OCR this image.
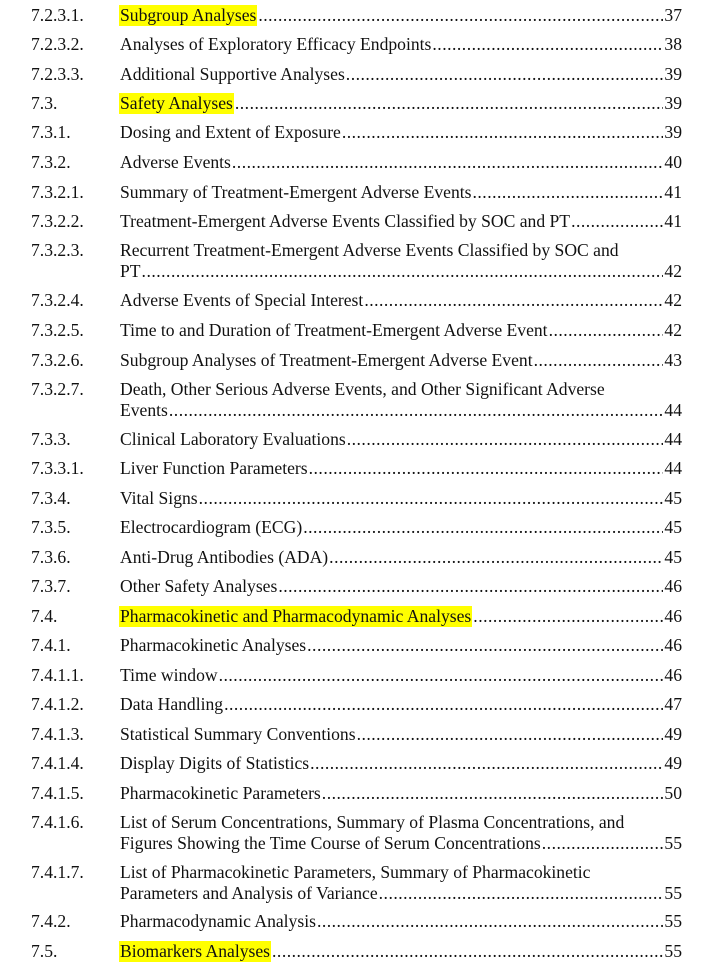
7.2.3.1. Subgroup Analyses .....	37
7.2.3.2. Analyses of Exploratory Efficacy Endpoints .....	38
7.2.3.3. Additional Supportive Analyses .....	39
7.3.	Safety Analyses .....	39
7.3.1.	Dosing and Extent of Exposure .....	39
7.3.2.	Adverse Events .....	40
7.3.2.1. Summary of Treatment-Emergent Adverse Events .....	41
7.3.2.2. Treatment-Emergent Adverse Events Classified by SOC and PT .....	41
7.3.2.3. Recurrent Treatment-Emergent Adverse Events Classified by SOC and
PT .....	42
7.3.2.4. Adverse Events of Special Interest .....	42
7.3.2.5. Time to and Duration of Treatment-Emergent Adverse Event .....	42
7.3.2.6. Subgroup Analyses of Treatment-Emergent Adverse Event .....	43
7.3.2.7. Death, Other Serious Adverse Events, and Other Significant Adverse
Events .....	44
7.3.3.	Clinical Laboratory Evaluations .....	44
7.3.3.1. Liver Function Parameters .....	44
7.3.4.	Vital Signs .....	45
7.3.5.	Electrocardiogram (ECG) .....	45
7.3.6.	Anti-Drug Antibodies (ADA) .....	45
7.3.7.	Other Safety Analyses .....	46
7.4.	Pharmacokinetic and Pharmacodynamic Analyses .....	46
7.4.1.	Pharmacokinetic Analyses .....	46
7.4.1.1. Time window .....	46
7.4.1.2. Data Handling .....	47
7.4.1.3. Statistical Summary Conventions .....	49
7.4.1.4. Display Digits of Statistics .....	49
7.4.1.5. Pharmacokinetic Parameters .....	50
7.4.1.6. List of Serum Concentrations, Summary of Plasma Concentrations, and
Figures Showing the Time Course of Serum Concentrations .....	55
7.4.1.7. List of Pharmacokinetic Parameters, Summary of Pharmacokinetic
Parameters and Analysis of Variance .....	55
7.4.2.	Pharmacodynamic Analysis .....	55
7.5.	Biomarkers Analyses .....	55
